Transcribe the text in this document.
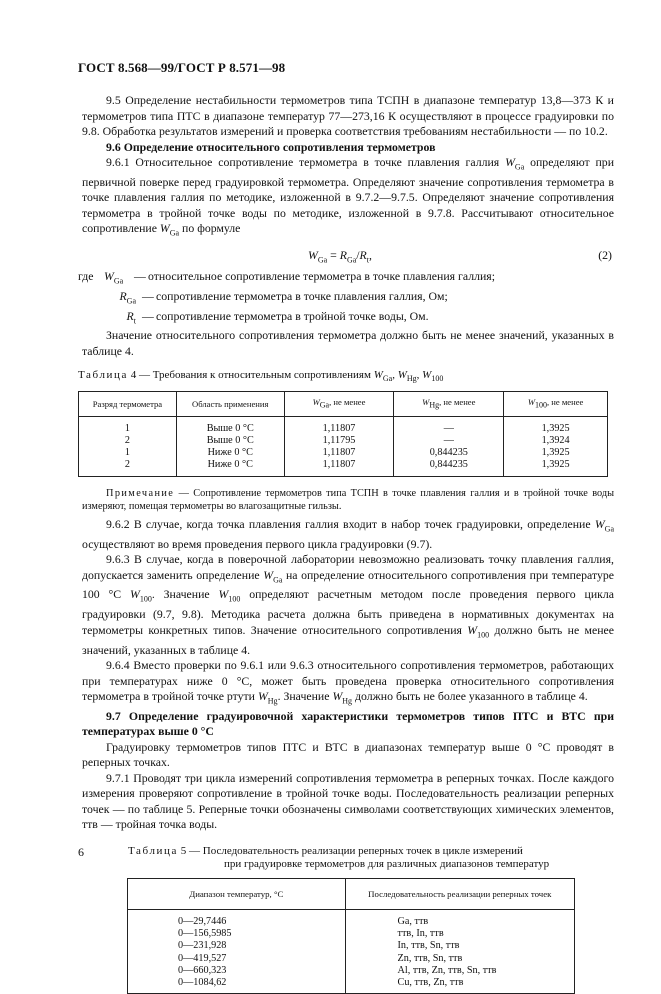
ГОСТ 8.568—99/ГОСТ Р 8.571—98

9.5 Определение нестабильности термометров типа ТСПН в диапазоне температур 13,8—373 К и термометров типа ПТС в диапазоне температур 77—273,16 К осуществляют в процессе градуировки по 9.8. Обработка результатов измерений и проверка соответствия требованиям нестабильности — по 10.2.

9.6 Определение относительного сопротивления термометров

9.6.1 Относительное сопротивление термометра в точке плавления галлия $W_{Ga}$ определяют при первичной поверке перед градуировкой термометра. Определяют значение сопротивления термометра в точке плавления галлия по методике, изложенной в 9.7.2—9.7.5. Определяют значение сопротивления термометра в тройной точке воды по методике, изложенной в 9.7.8. Рассчитывают относительное сопротивление $W_{Ga}$ по формуле

$W_{Ga} = R_{Ga}/R_t$,	(2)
где $W_{Ga}$ — относительное сопротивление термометра в точке плавления галлия;
$R_{Ga}$ — сопротивление термометра в точке плавления галлия, Ом;
$R_t$ — сопротивление термометра в тройной точке воды, Ом.

Значение относительного сопротивления термометра должно быть не менее значений, указанных в таблице 4.

Таблица 4 — Требования к относительным сопротивлениям $W_{Ga}$, $W_{Hg}$, $W_{100}$
Разряд термометра	Область применения	$W_{Ga}$, не менее	$W_{Hg}$, не менее	$W_{100}$, не менее
1	Выше 0 °С	1,11807	—	1,3925
2	Выше 0 °С	1,11795	—	1,3924
1	Ниже 0 °С	1,11807	0,844235	1,3925
2	Ниже 0 °С	1,11807	0,844235	1,3925

Примечание — Сопротивление термометров типа ТСПН в точке плавления галлия и в тройной точке воды измеряют, помещая термометры во влагозащитные гильзы.

9.6.2 В случае, когда точка плавления галлия входит в набор точек градуировки, определение $W_{Ga}$ осуществляют во время проведения первого цикла градуировки (9.7).

9.6.3 В случае, когда в поверочной лаборатории невозможно реализовать точку плавления галлия, допускается заменить определение $W_{Ga}$ на определение относительного сопротивления при температуре 100 °С $W_{100}$. Значение $W_{100}$ определяют расчетным методом после проведения первого цикла градуировки (9.7, 9.8). Методика расчета должна быть приведена в нормативных документах на термометры конкретных типов. Значение относительного сопротивления $W_{100}$ должно быть не менее значений, указанных в таблице 4.

9.6.4 Вместо проверки по 9.6.1 или 9.6.3 относительного сопротивления термометров, работающих при температурах ниже 0 °С, может быть проведена проверка относительного сопротивления термометра в тройной точке ртути $W_{Hg}$. Значение $W_{Hg}$ должно быть не более указанного в таблице 4.

9.7 Определение градуировочной характеристики термометров типов ПТС и ВТС при температурах выше 0 °С

Градуировку термометров типов ПТС и ВТС в диапазонах температур выше 0 °С проводят в реперных точках.

9.7.1 Проводят три цикла измерений сопротивления термометра в реперных точках. После каждого измерения проверяют сопротивление в тройной точке воды. Последовательность реализации реперных точек — по таблице 5. Реперные точки обозначены символами соответствующих химических элементов, ттв — тройная точка воды.

Таблица 5 — Последовательность реализации реперных точек в цикле измерений
при градуировке термометров для различных диапазонов температур
Диапазон температур, °С	Последовательность реализации реперных точек
0—29,7446	Ga, ттв
0—156,5985	ттв, In, ттв
0—231,928	In, ттв, Sn, ттв
0—419,527	Zn, ттв, Sn, ттв
0—660,323	Al, ттв, Zn, ттв, Sn, ттв
0—1084,62	Cu, ттв, Zn, ттв
6
